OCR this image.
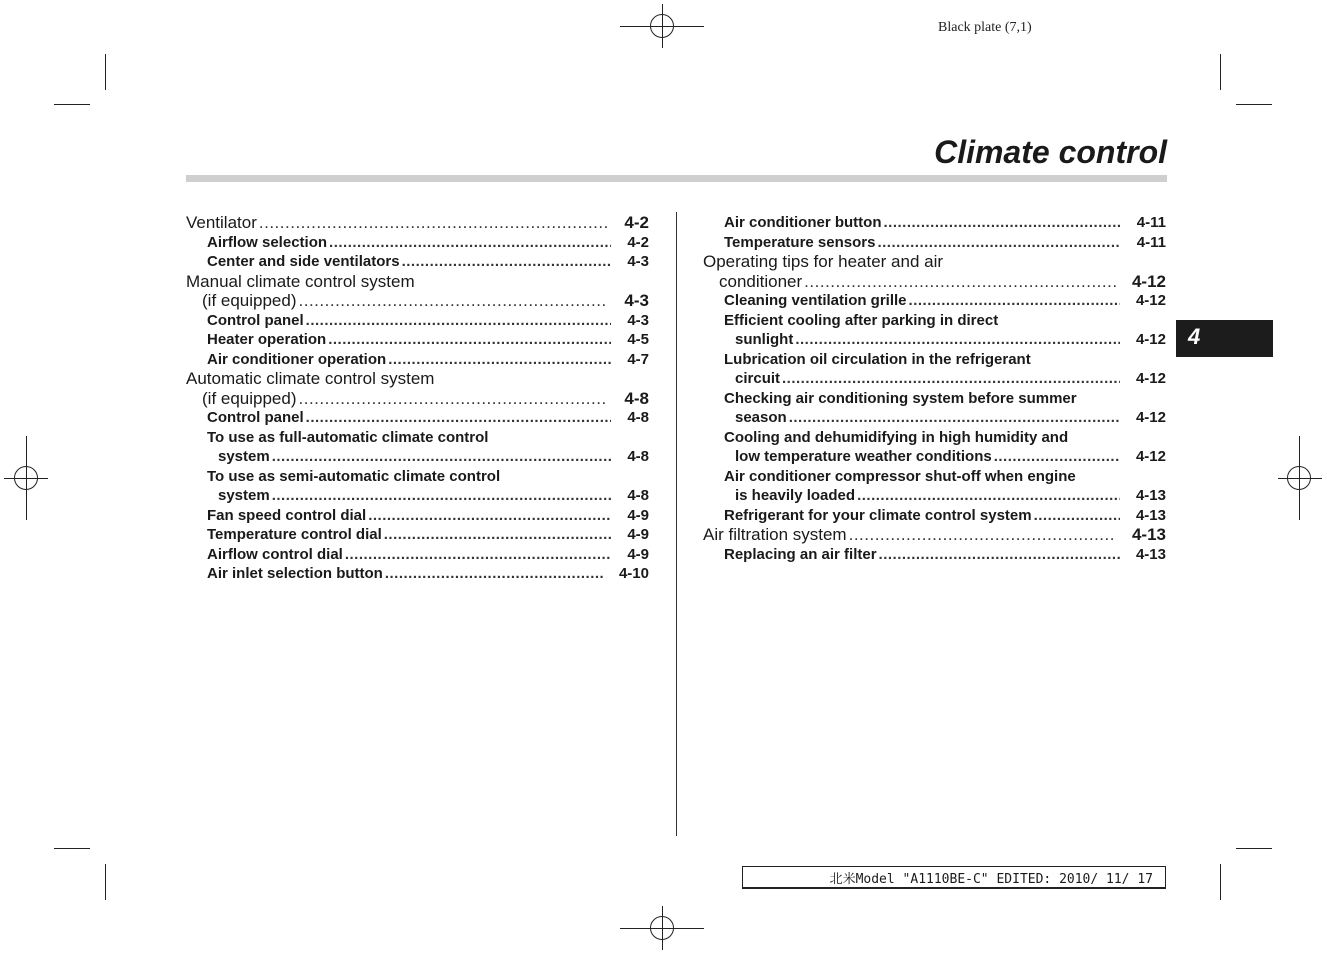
Black plate (7,1)
Climate control
4
Ventilator .....	4-2
Airflow selection .....	4-2
Center and side ventilators .....	4-3
Manual climate control system
(if equipped) .....	4-3
Control panel .....	4-3
Heater operation .....	4-5
Air conditioner operation .....	4-7
Automatic climate control system
(if equipped) .....	4-8
Control panel .....	4-8
To use as full-automatic climate control
system .....	4-8
To use as semi-automatic climate control
system .....	4-8
Fan speed control dial .....	4-9
Temperature control dial .....	4-9
Airflow control dial .....	4-9
Air inlet selection button .....	4-10
Air conditioner button .....	4-11
Temperature sensors .....	4-11
Operating tips for heater and air
conditioner .....	4-12
Cleaning ventilation grille .....	4-12
Efficient cooling after parking in direct
sunlight .....	4-12
Lubrication oil circulation in the refrigerant
circuit .....	4-12
Checking air conditioning system before summer
season .....	4-12
Cooling and dehumidifying in high humidity and
low temperature weather conditions .....	4-12
Air conditioner compressor shut-off when engine
is heavily loaded .....	4-13
Refrigerant for your climate control system .....	4-13
Air filtration system .....	4-13
Replacing an air filter .....	4-13
北米Model "A1110BE-C" EDITED: 2010/ 11/ 17
